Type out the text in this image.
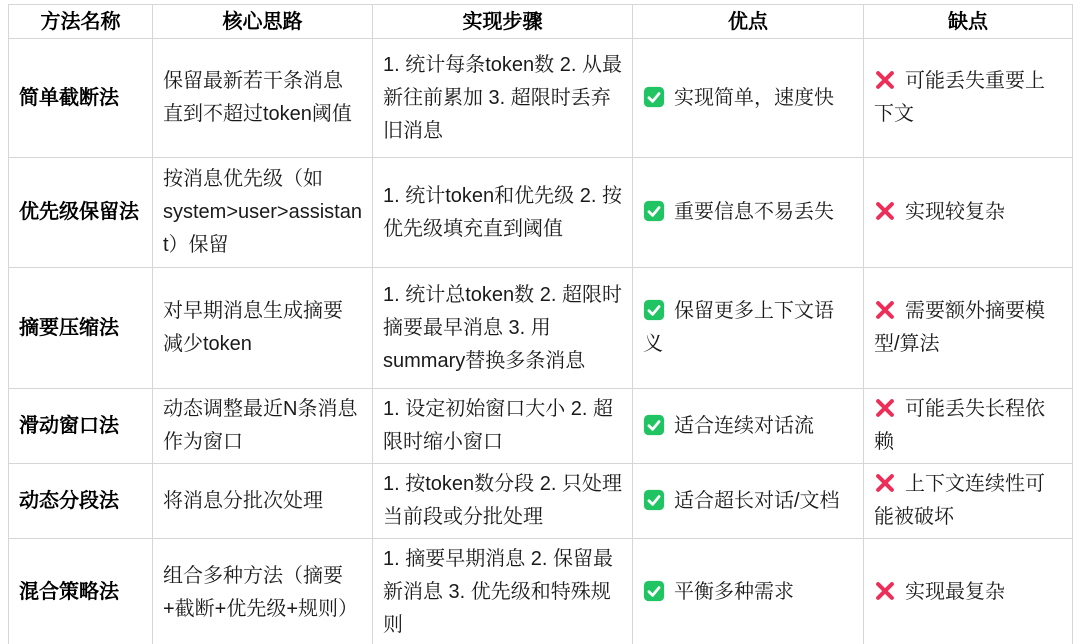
方法名称	核心思路	实现步骤	优点	缺点
简单截断法	保留最新若干条消息直到不超过token阈值	1. 统计每条token数 2. 从最新往前累加 3. 超限时丢弃旧消息	实现简单，速度快	可能丢失重要上下文
优先级保留法	按消息优先级（如system>user>assistant）保留	1. 统计token和优先级 2. 按优先级填充直到阈值	重要信息不易丢失	实现较复杂
摘要压缩法	对早期消息生成摘要减少token	1. 统计总token数 2. 超限时摘要最早消息 3. 用summary替换多条消息	保留更多上下文语义	需要额外摘要模型/算法
滑动窗口法	动态调整最近N条消息作为窗口	1. 设定初始窗口大小 2. 超限时缩小窗口	适合连续对话流	可能丢失长程依赖
动态分段法	将消息分批次处理	1. 按token数分段 2. 只处理当前段或分批处理	适合超长对话/文档	上下文连续性可能被破坏
混合策略法	组合多种方法（摘要+截断+优先级+规则）	1. 摘要早期消息 2. 保留最新消息 3. 优先级和特殊规则	平衡多种需求	实现最复杂
